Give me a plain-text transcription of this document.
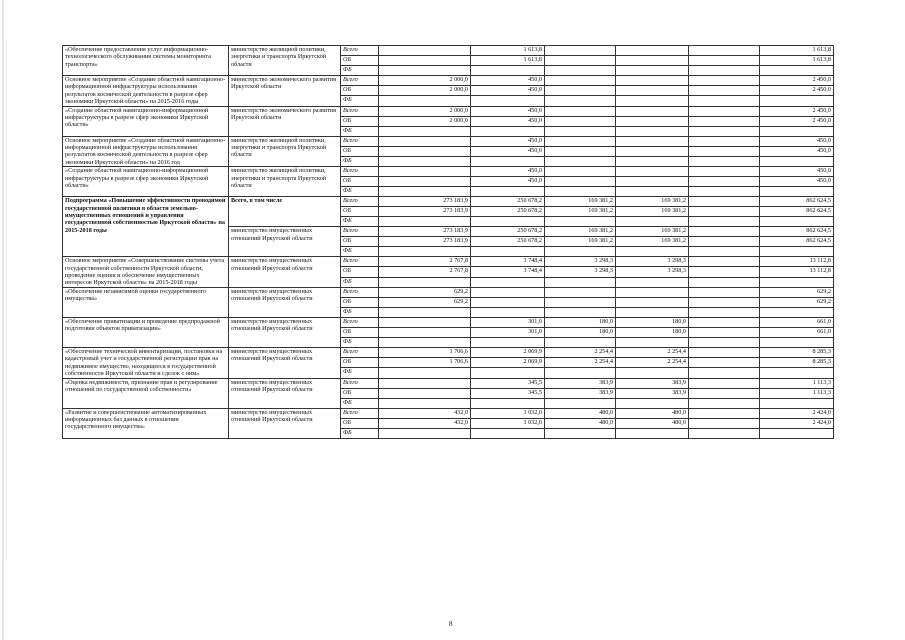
«Обеспечение предоставления услуг информационно-технологического обслуживания системы мониторинга транспорта»	министерство жилищной политики, энергетики и транспорта Иркутской области	Всего		1 613,8				1 613,8
		ОБ		1 613,8				1 613,8
		ФБ						
Основное мероприятие «Создание областной навигационно-информационной инфраструктуры использования результатов космической деятельности в разрезе сфер экономики Иркутской области» на 2015-2016 годы	министерство экономического развития Иркутской области	Всего	2 000,0	450,0				2 450,0
		ОБ	2 000,0	450,0				2 450,0
		ФБ						
«Создание областной навигационно-информационной инфраструктуры в разрезе сфер экономики Иркутской области»	министерство экономического развития Иркутской области	Всего	2 000,0	450,0				2 450,0
		ОБ	2 000,0	450,0				2 450,0
		ФБ						
Основное мероприятие «Создание областной навигационно-информационной инфраструктуры использования результатов космической деятельности в разрезе сфер экономики Иркутской области» на 2016 год	министерство жилищной политики, энергетики и транспорта Иркутской области	Всего		450,0				450,0
		ОБ		450,0				450,0
		ФБ						
«Создание областной навигационно-информационной инфраструктуры в разрезе сфер экономики Иркутской области»	министерство жилищной политики, энергетики и транспорта Иркутской области	Всего		450,0				450,0
		ОБ		450,0				450,0
		ФБ						
Подпрограмма «Повышение эффективности проводимой государственной политики в области земельно-имущественных отношений и управления государственной собственностью Иркутской области» на 2015-2018 годы	Всего, в том числе	Всего	273 183,9	250 678,2	169 381,2	169 381,2		862 624,5
		ОБ	273 183,9	250 678,2	169 381,2	169 381,2		862 624,5
		ФБ						
	министерство имущественных отношений Иркутской области	Всего	273 183,9	250 678,2	169 381,2	169 381,2		862 624,5
		ОБ	273 183,9	250 678,2	169 381,2	169 381,2		862 624,5
		ФБ						
Основное мероприятие «Совершенствование системы учета государственной собственности Иркутской области, проведение оценки и обеспечение имущественных интересов Иркутской области» на 2015-2018 годы	министерство имущественных отношений Иркутской области	Всего	2 767,8	3 748,4	3 298,3	3 298,3		13 112,8
		ОБ	2 767,8	3 748,4	3 298,3	3 298,3		13 112,8
		ФБ						
«Обеспечение независимой оценки государственного имущества»	министерство имущественных отношений Иркутской области	Всего	629,2					629,2
		ОБ	629,2					629,2
		ФБ						
«Обеспечение приватизации и проведение предпродажной подготовки объектов приватизации»	министерство имущественных отношений Иркутской области	Всего		301,0	180,0	180,0		661,0
		ОБ		301,0	180,0	180,0		661,0
		ФБ						
«Обеспечение технической инвентаризации, постановки на кадастровый учет и государственной регистрации прав на недвижимое имущество, находящееся в государственной собственности Иркутской области и сделок с ним»	министерство имущественных отношений Иркутской области	Всего	1 706,6	2 069,9	2 254,4	2 254,4		8 285,3
		ОБ	1 706,6	2 069,9	2 254,4	2 254,4		8 285,3
		ФБ						
«Оценка недвижимости, признание прав и регулирование отношений по государственной собственности»	министерство имущественных отношений Иркутской области	Всего		345,5	383,9	383,9		1 113,3
		ОБ		345,5	383,9	383,9		1 113,3
		ФБ						
«Развитие и совершенствование автоматизированных информационных баз данных в отношении государственного имущества»	министерство имущественных отношений Иркутской области	Всего	432,0	1 032,0	480,0	480,0		2 424,0
		ОБ	432,0	1 032,0	480,0	480,0		2 424,0
		ФБ						
8
